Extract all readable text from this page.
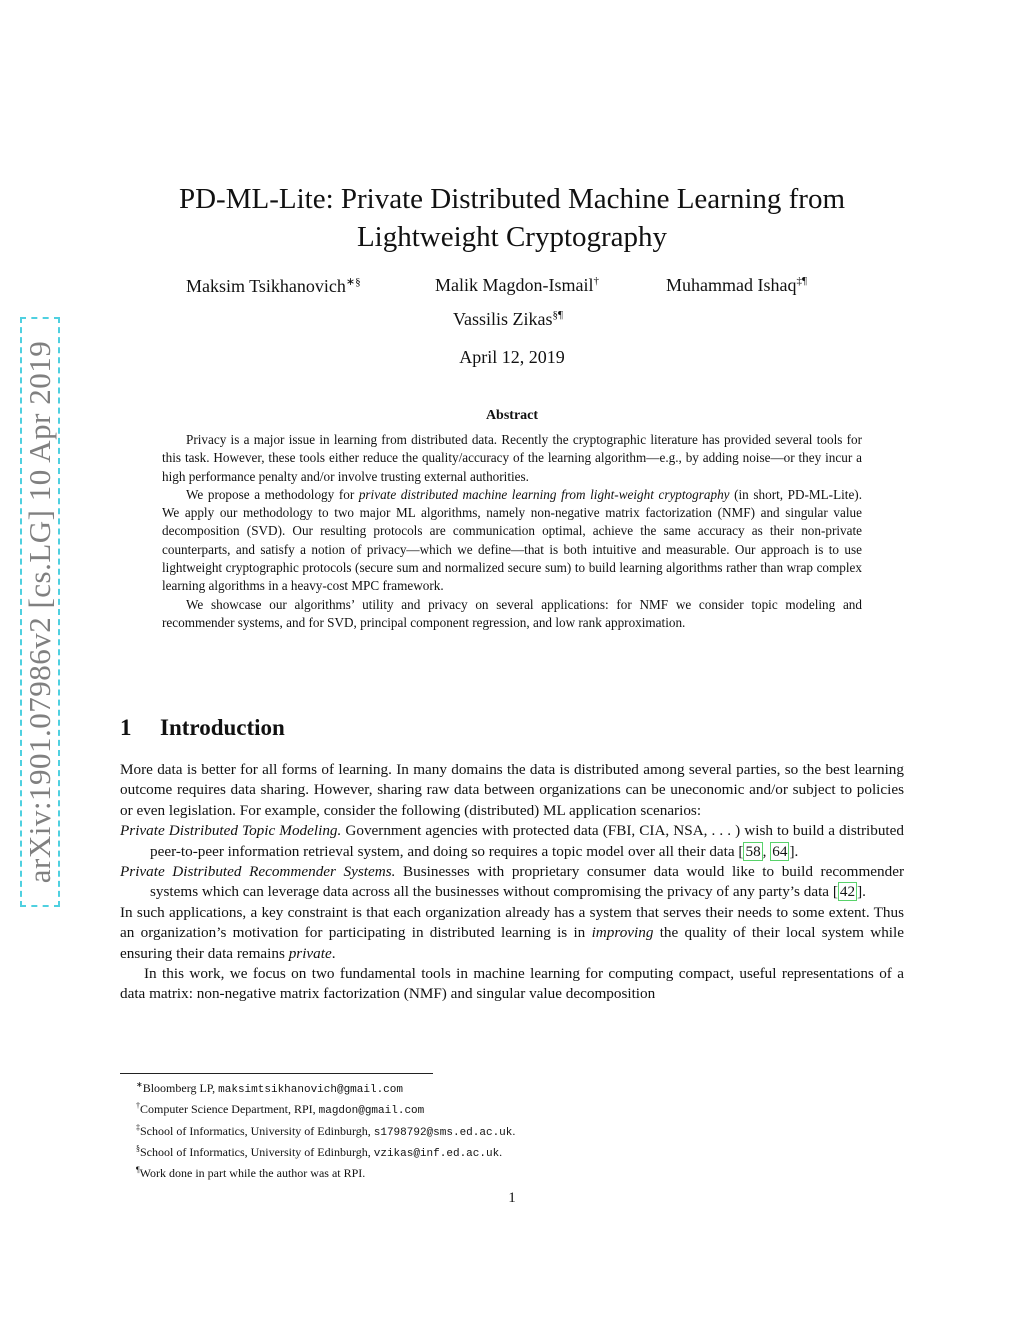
arXiv:1901.07986v2 [cs.LG] 10 Apr 2019
PD-ML-Lite: Private Distributed Machine Learning from Lightweight Cryptography
Maksim Tsikhanovich∗§	Malik Magdon-Ismail†	Muhammad Ishaq‡¶
Vassilis Zikas§¶
April 12, 2019
Abstract

Privacy is a major issue in learning from distributed data. Recently the cryptographic literature has provided several tools for this task. However, these tools either reduce the quality/accuracy of the learning algorithm—e.g., by adding noise—or they incur a high performance penalty and/or involve trusting external authorities.

We propose a methodology for private distributed machine learning from light-weight cryptography (in short, PD-ML-Lite). We apply our methodology to two major ML algorithms, namely non-negative matrix factorization (NMF) and singular value decomposition (SVD). Our resulting protocols are communication optimal, achieve the same accuracy as their non-private counterparts, and satisfy a notion of privacy—which we define—that is both intuitive and measurable. Our approach is to use lightweight cryptographic protocols (secure sum and normalized secure sum) to build learning algorithms rather than wrap complex learning algorithms in a heavy-cost MPC framework.

We showcase our algorithms’ utility and privacy on several applications: for NMF we consider topic modeling and recommender systems, and for SVD, principal component regression, and low rank approximation.

1 Introduction

More data is better for all forms of learning. In many domains the data is distributed among several parties, so the best learning outcome requires data sharing. However, sharing raw data between organizations can be uneconomic and/or subject to policies or even legislation. For example, consider the following (distributed) ML application scenarios:

Private Distributed Topic Modeling. Government agencies with protected data (FBI, CIA, NSA, . . . ) wish to build a distributed peer-to-peer information retrieval system, and doing so requires a topic model over all their data [ 58 , 64 ].

Private Distributed Recommender Systems. Businesses with proprietary consumer data would like to build recommender systems which can leverage data across all the businesses without compromising the privacy of any party’s data [ 42 ].

In such applications, a key constraint is that each organization already has a system that serves their needs to some extent. Thus an organization’s motivation for participating in distributed learning is in improving the quality of their local system while ensuring their data remains private.

In this work, we focus on two fundamental tools in machine learning for computing compact, useful representations of a data matrix: non-negative matrix factorization (NMF) and singular value decomposition

∗Bloomberg LP, maksimtsikhanovich@gmail.com
†Computer Science Department, RPI, magdon@gmail.com
‡School of Informatics, University of Edinburgh, s1798792@sms.ed.ac.uk.
§School of Informatics, University of Edinburgh, vzikas@inf.ed.ac.uk.
¶Work done in part while the author was at RPI.
1
